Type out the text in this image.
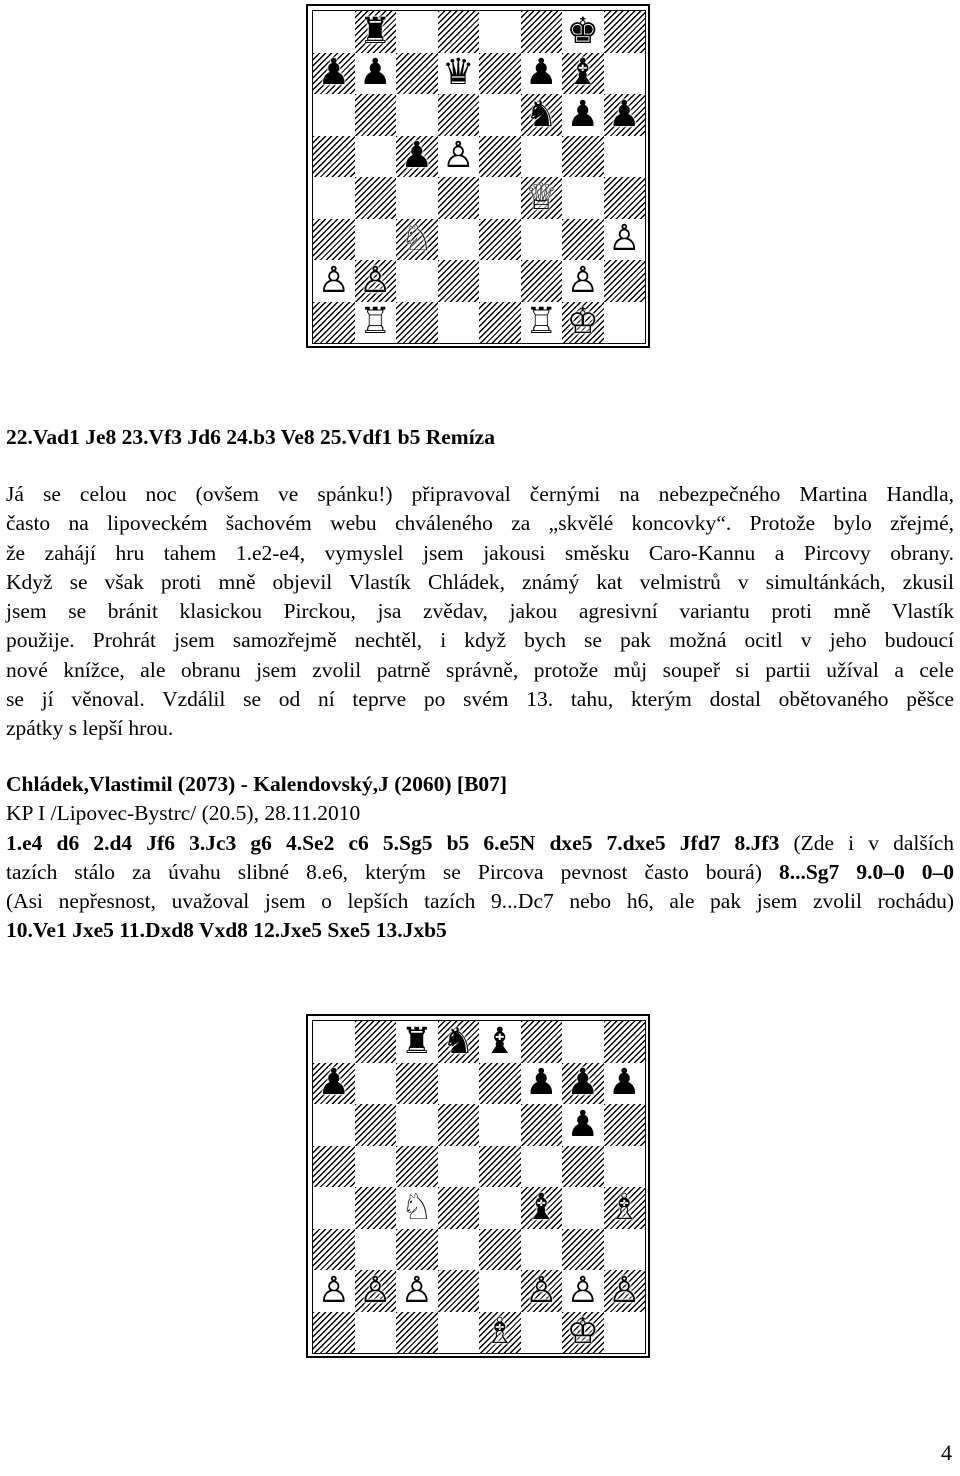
♜	♚
♟ ♟ ♛ ♟ ♝
♞ ♟ ♟
♟ ♙
♕
♘	♙
♙ ♙	♙
♖	♖ ♔

22.Vad1 Je8 23.Vf3 Jd6 24.b3 Ve8 25.Vdf1 b5 Remíza

Já se celou noc (ovšem ve spánku!) připravoval černými na nebezpečného Martina Handla,

často na lipoveckém šachovém webu chváleného za „skvělé koncovky“. Protože bylo zřejmé,

že zahájí hru tahem 1.e2-e4, vymyslel jsem jakousi směsku Caro-Kannu a Pircovy obrany.

Když se však proti mně objevil Vlastík Chládek, známý kat velmistrů v simultánkách, zkusil

jsem se bránit klasickou Pirckou, jsa zvědav, jakou agresivní variantu proti mně Vlastík

použije. Prohrát jsem samozřejmě nechtěl, i když bych se pak možná ocitl v jeho budoucí

nové knížce, ale obranu jsem zvolil patrně správně, protože můj soupeř si partii užíval a cele

se jí věnoval. Vzdálil se od ní teprve po svém 13. tahu, kterým dostal obětovaného pěšce

zpátky s lepší hrou.

Chládek,Vlastimil (2073) - Kalendovský,J (2060) [B07]

KP I /Lipovec-Bystrc/ (20.5), 28.11.2010

1.e4 d6 2.d4 Jf6 3.Jc3 g6 4.Se2 c6 5.Sg5 b5 6.e5N dxe5 7.dxe5 Jfd7 8.Jf3 (Zde i v dalších

tazích stálo za úvahu slibné 8.e6, kterým se Pircova pevnost často bourá) 8...Sg7 9.0–0 0–0

(Asi nepřesnost, uvažoval jsem o lepších tazích 9...Dc7 nebo h6, ale pak jsem zvolil rochádu)

10.Ve1 Jxe5 11.Dxd8 Vxd8 12.Jxe5 Sxe5 13.Jxb5

♜ ♞ ♝
♟	♟ ♟ ♟
♟
♘	♝ ♗
♙ ♙ ♙	♙ ♙ ♙
♗ ♔
4
